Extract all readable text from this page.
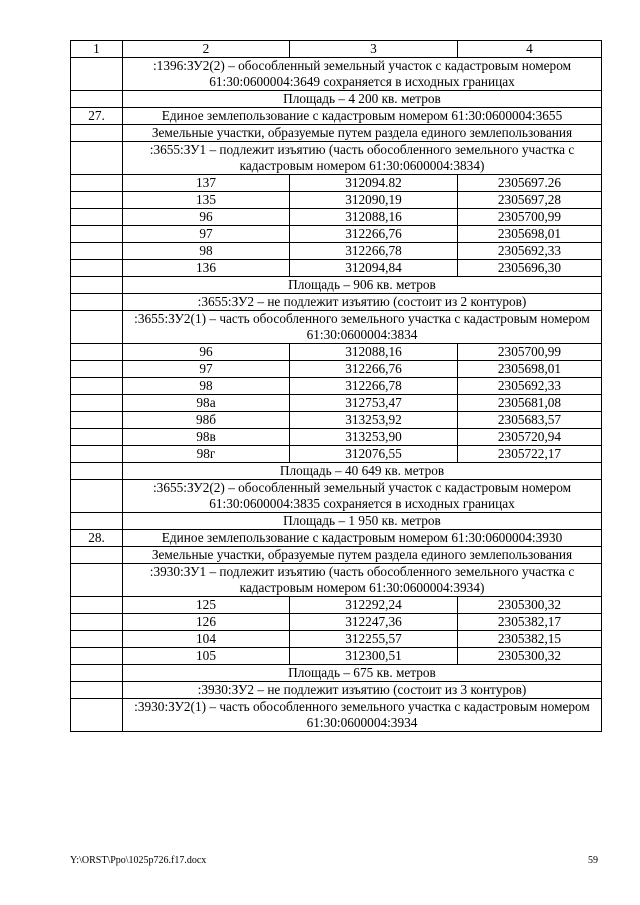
1	2	3	4
	:1396:ЗУ2(2) – обособленный земельный участок с кадастровым номером 61:30:0600004:3649 сохраняется в исходных границах		
	Площадь – 4 200 кв. метров		
27.	Единое землепользование с кадастровым номером 61:30:0600004:3655		
	Земельные участки, образуемые путем раздела единого землепользования		
	:3655:ЗУ1 – подлежит изъятию (часть обособленного земельного участка с кадастровым номером 61:30:0600004:3834)		
	137	312094.82	2305697.26
	135	312090,19	2305697,28
	96	312088,16	2305700,99
	97	312266,76	2305698,01
	98	312266,78	2305692,33
	136	312094,84	2305696,30
	Площадь – 906 кв. метров		
	:3655:ЗУ2 – не подлежит изъятию (состоит из 2 контуров)		
	:3655:ЗУ2(1) – часть обособленного земельного участка с кадастровым номером 61:30:0600004:3834		
	96	312088,16	2305700,99
	97	312266,76	2305698,01
	98	312266,78	2305692,33
	98а	312753,47	2305681,08
	98б	313253,92	2305683,57
	98в	313253,90	2305720,94
	98г	312076,55	2305722,17
	Площадь – 40 649 кв. метров		
	:3655:ЗУ2(2) – обособленный земельный участок с кадастровым номером 61:30:0600004:3835 сохраняется в исходных границах		
	Площадь – 1 950 кв. метров		
28.	Единое землепользование с кадастровым номером 61:30:0600004:3930		
	Земельные участки, образуемые путем раздела единого землепользования		
	:3930:ЗУ1 – подлежит изъятию (часть обособленного земельного участка с кадастровым номером 61:30:0600004:3934)		
	125	312292,24	2305300,32
	126	312247,36	2305382,17
	104	312255,57	2305382,15
	105	312300,51	2305300,32
	Площадь – 675 кв. метров		
	:3930:ЗУ2 – не подлежит изъятию (состоит из 3 контуров)		
	:3930:ЗУ2(1) – часть обособленного земельного участка с кадастровым номером 61:30:0600004:3934		
Y:\ORST\Ppo\1025p726.f17.docx	59
